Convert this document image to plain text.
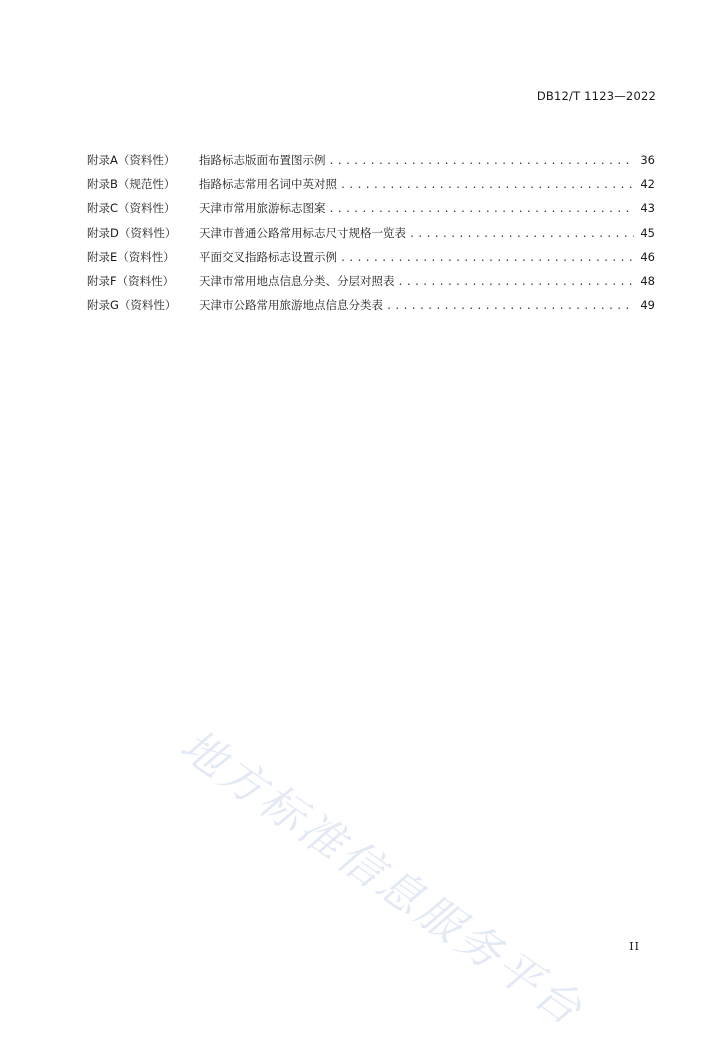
DB12/T 1123—2022
附录A（资料性）	指路标志版面布置图示例 .....	36
附录B（规范性）	指路标志常用名词中英对照 .....	42
附录C（资料性）	天津市常用旅游标志图案 .....	43
附录D（资料性）	天津市普通公路常用标志尺寸规格一览表 .....	45
附录E（资料性）	平面交叉指路标志设置示例 .....	46
附录F（资料性）	天津市常用地点信息分类、分层对照表 .....	48
附录G（资料性）	天津市公路常用旅游地点信息分类表 .....	49
地方标准信息服务平台	II
